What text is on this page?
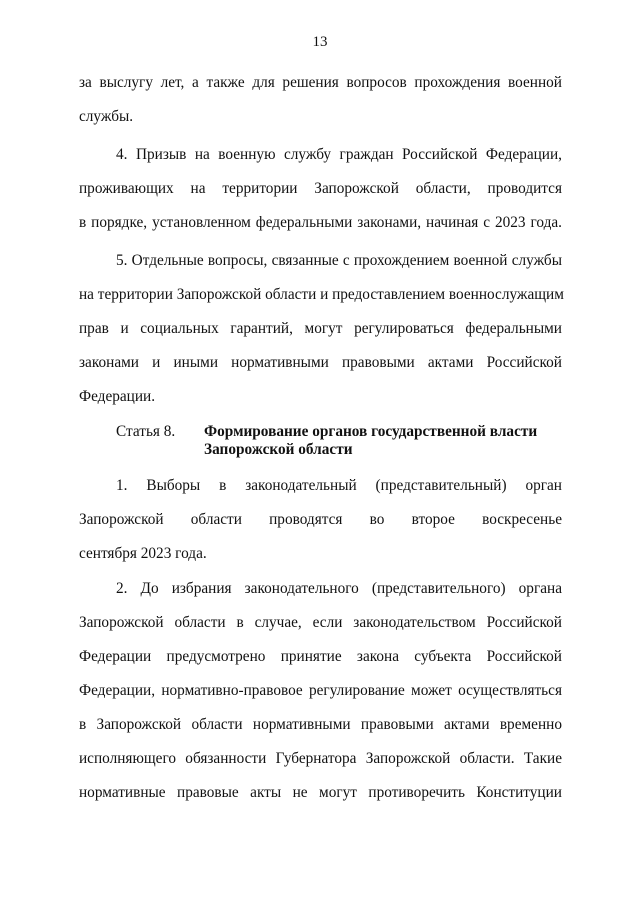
13
за выслугу лет, а также для решения вопросов прохождения военной
службы.
4. Призыв на военную службу граждан Российской Федерации,
проживающих на территории Запорожской области, проводится
в порядке, установленном федеральными законами, начиная с 2023 года.
5. Отдельные вопросы, связанные с прохождением военной службы
на территории Запорожской области и предоставлением военнослужащим
прав и социальных гарантий, могут регулироваться федеральными
законами и иными нормативными правовыми актами Российской
Федерации.
Статья 8. Формирование органов государственной власти
Запорожской области
1. Выборы в законодательный (представительный) орган
Запорожской области проводятся во второе воскресенье
сентября 2023 года.
2. До избрания законодательного (представительного) органа
Запорожской области в случае, если законодательством Российской
Федерации предусмотрено принятие закона субъекта Российской
Федерации, нормативно-правовое регулирование может осуществляться
в Запорожской области нормативными правовыми актами временно
исполняющего обязанности Губернатора Запорожской области. Такие
нормативные правовые акты не могут противоречить Конституции
